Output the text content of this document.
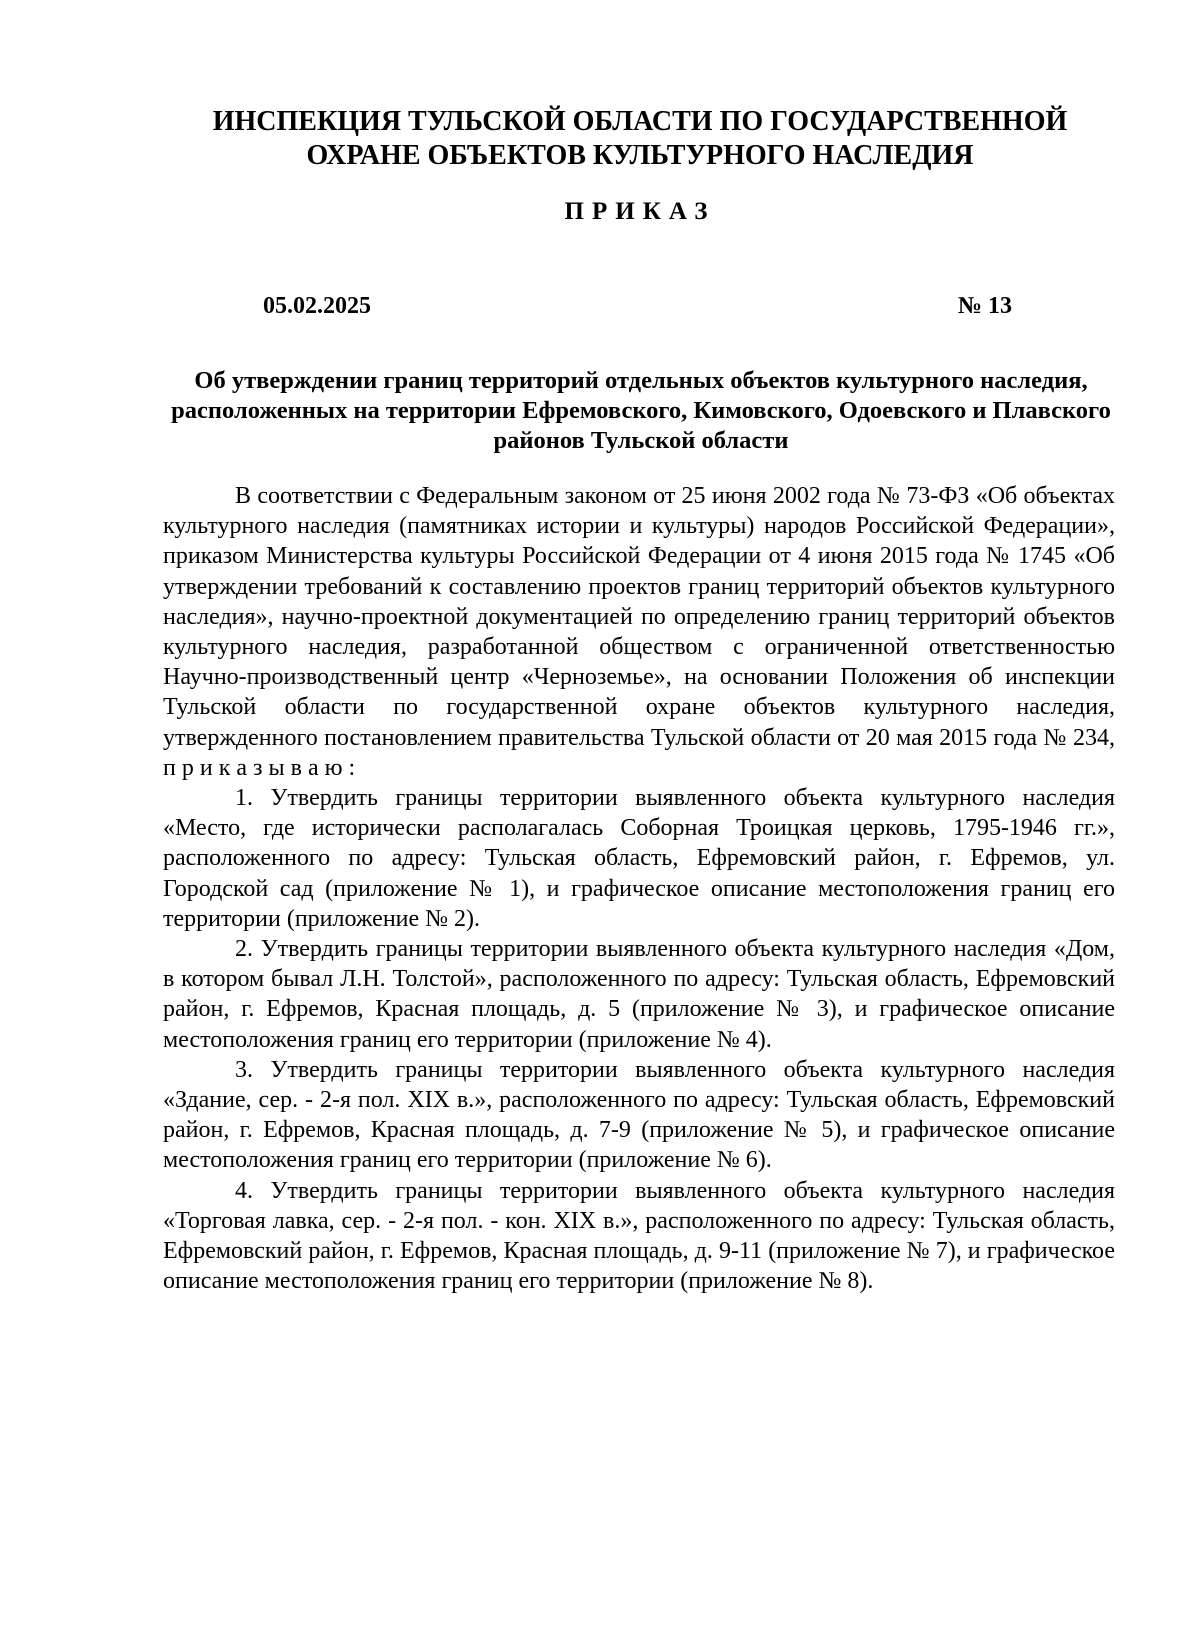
ИНСПЕКЦИЯ ТУЛЬСКОЙ ОБЛАСТИ ПО ГОСУДАРСТВЕННОЙ ОХРАНЕ ОБЪЕКТОВ КУЛЬТУРНОГО НАСЛЕДИЯ
ПРИКАЗ
05.02.2025	№ 13
Об утверждении границ территорий отдельных объектов культурного наследия, расположенных на территории Ефремовского, Кимовского, Одоевского и Плавского районов Тульской области

В соответствии с Федеральным законом от 25 июня 2002 года № 73-ФЗ «Об объектах культурного наследия (памятниках истории и культуры) народов Российской Федерации», приказом Министерства культуры Российской Федерации от 4 июня 2015 года № 1745 «Об утверждении требований к составлению проектов границ территорий объектов культурного наследия», научно-проектной документацией по определению границ территорий объектов культурного наследия, разработанной обществом с ограниченной ответственностью Научно-производственный центр «Черноземье», на основании Положения об инспекции Тульской области по государственной охране объектов культурного наследия, утвержденного постановлением правительства Тульской области от 20 мая 2015 года № 234, п р и к а з ы в а ю :

1. Утвердить границы территории выявленного объекта культурного наследия «Место, где исторически располагалась Соборная Троицкая церковь, 1795-1946 гг.», расположенного по адресу: Тульская область, Ефремовский район, г. Ефремов, ул. Городской сад (приложение № 1), и графическое описание местоположения границ его территории (приложение № 2).

2. Утвердить границы территории выявленного объекта культурного наследия «Дом, в котором бывал Л.Н. Толстой», расположенного по адресу: Тульская область, Ефремовский район, г. Ефремов, Красная площадь, д. 5 (приложение № 3), и графическое описание местоположения границ его территории (приложение № 4).

3. Утвердить границы территории выявленного объекта культурного наследия «Здание, сер. - 2-я пол. XIX в.», расположенного по адресу: Тульская область, Ефремовский район, г. Ефремов, Красная площадь, д. 7-9 (приложение № 5), и графическое описание местоположения границ его территории (приложение № 6).

4. Утвердить границы территории выявленного объекта культурного наследия «Торговая лавка, сер. - 2-я пол. - кон. XIX в.», расположенного по адресу: Тульская область, Ефремовский район, г. Ефремов, Красная площадь, д. 9-11 (приложение № 7), и графическое описание местоположения границ его территории (приложение № 8).
